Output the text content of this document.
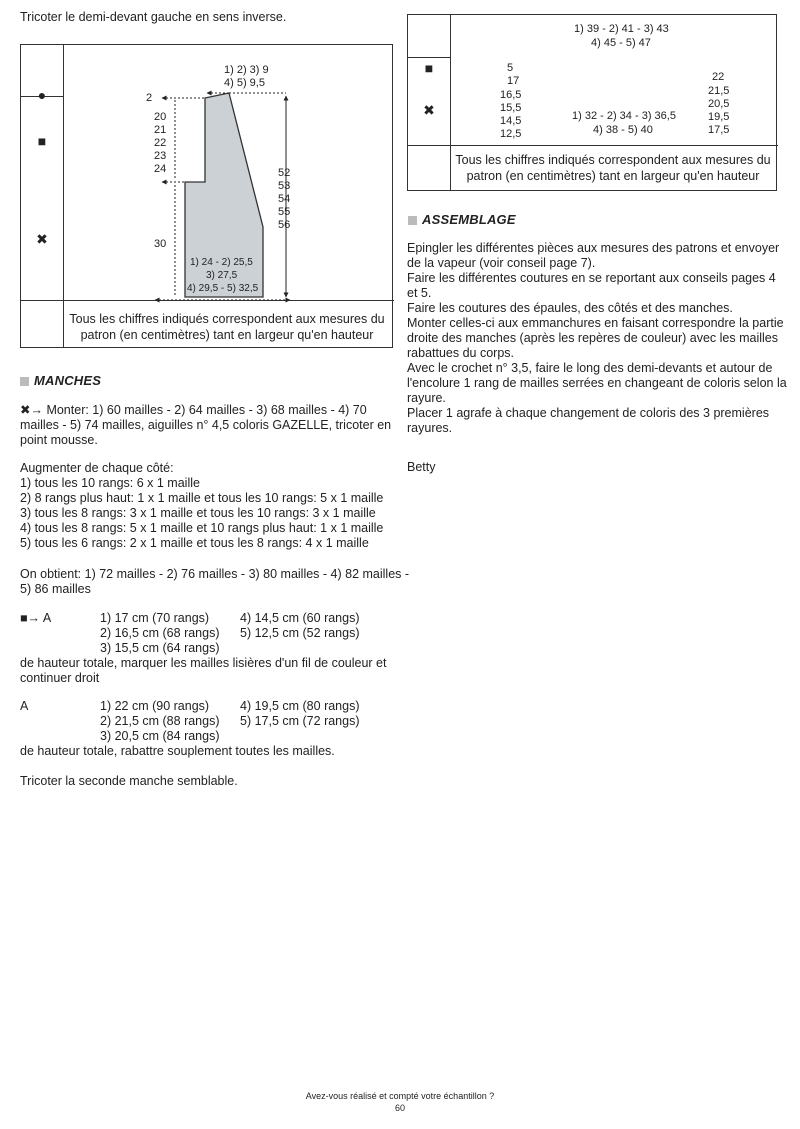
Tricoter le demi-devant gauche en sens inverse.
●
■
✖
1) 2) 3) 9
4) 5) 9,5
2
20
21
22
23
24
30
52
53
54
55
56
1) 24 - 2) 25,5
3) 27,5
4) 29,5 - 5) 32,5
Tous les chiffres indiqués correspondent aux mesures du
patron (en centimètres) tant en largeur qu'en hauteur
■
✖
1) 39 - 2) 41 - 3) 43
4) 45 - 5) 47
5
17
16,5
15,5
14,5
12,5
22
21,5
20,5
19,5
17,5
1) 32 - 2) 34 - 3) 36,5
4) 38 - 5) 40
Tous les chiffres indiqués correspondent aux mesures du
patron (en centimètres) tant en largeur qu'en hauteur
ASSEMBLAGE
Epingler les différentes pièces aux mesures des patrons et envoyer
de la vapeur (voir conseil page 7).
Faire les différentes coutures en se reportant aux conseils pages 4
et 5.
Faire les coutures des épaules, des côtés et des manches.
Monter celles-ci aux emmanchures en faisant correspondre la partie
droite des manches (après les repères de couleur) avec les mailles
rabattues du corps.
Avec le crochet n° 3,5, faire le long des demi-devants et autour de
l'encolure 1 rang de mailles serrées en changeant de coloris selon la
rayure.
Placer 1 agrafe à chaque changement de coloris des 3 premières
rayures.
Betty
MANCHES
✖→ Monter: 1) 60 mailles - 2) 64 mailles - 3) 68 mailles - 4) 70
mailles - 5) 74 mailles, aiguilles n° 4,5 coloris GAZELLE, tricoter en
point mousse.
Augmenter de chaque côté:
1) tous les 10 rangs: 6 x 1 maille
2) 8 rangs plus haut: 1 x 1 maille et tous les 10 rangs: 5 x 1 maille
3) tous les 8 rangs: 3 x 1 maille et tous les 10 rangs: 3 x 1 maille
4) tous les 8 rangs: 5 x 1 maille et 10 rangs plus haut: 1 x 1 maille
5) tous les 6 rangs: 2 x 1 maille et tous les 8 rangs: 4 x 1 maille
On obtient: 1) 72 mailles - 2) 76 mailles - 3) 80 mailles - 4) 82 mailles -
5) 86 mailles
■→ A	1) 17 cm (70 rangs)
2) 16,5 cm (68 rangs)
3) 15,5 cm (64 rangs)
4) 14,5 cm (60 rangs)
5) 12,5 cm (52 rangs)
de hauteur totale, marquer les mailles lisières d'un fil de couleur et
continuer droit
A	1) 22 cm (90 rangs)
2) 21,5 cm (88 rangs)
3) 20,5 cm (84 rangs)
4) 19,5 cm (80 rangs)
5) 17,5 cm (72 rangs)
de hauteur totale, rabattre souplement toutes les mailles.
Tricoter la seconde manche semblable.
Avez-vous réalisé et compté votre échantillon ?
60
